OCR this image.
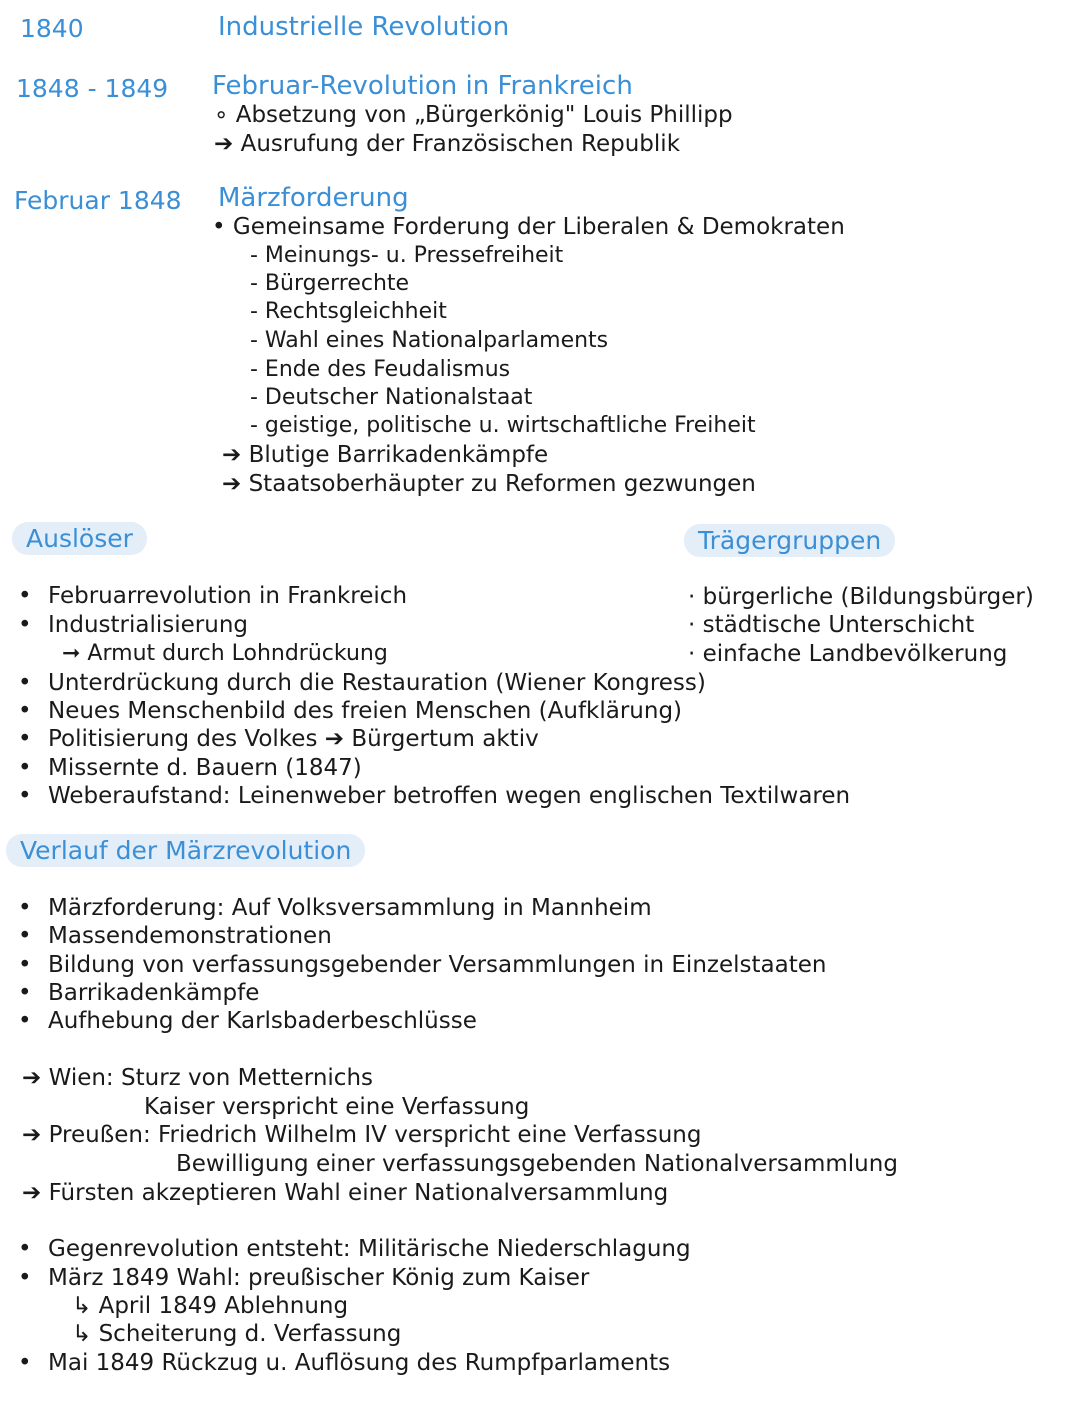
1840	Industrielle Revolution
1848 - 1849 Februar-Revolution in Frankreich
∘ Absetzung von „Bürgerkönig" Louis Phillipp
➔ Ausrufung der Französischen Republik
Februar 1848 Märzforderung
• Gemeinsame Forderung der Liberalen & Demokraten
- Meinungs- u. Pressefreiheit
- Bürgerrechte
- Rechtsgleichheit
- Wahl eines Nationalparlaments
- Ende des Feudalismus
- Deutscher Nationalstaat
- geistige, politische u. wirtschaftliche Freiheit
➔ Blutige Barrikadenkämpfe
➔ Staatsoberhäupter zu Reformen gezwungen
Auslöser
• Februarrevolution in Frankreich
• Industrialisierung
➞ Armut durch Lohndrückung
• Unterdrückung durch die Restauration (Wiener Kongress)
• Neues Menschenbild des freien Menschen (Aufklärung)
• Politisierung des Volkes ➔ Bürgertum aktiv
• Missernte d. Bauern (1847)
• Weberaufstand: Leinenweber betroffen wegen englischen Textilwaren
Trägergruppen
· bürgerliche (Bildungsbürger)
· städtische Unterschicht
· einfache Landbevölkerung
Verlauf der Märzrevolution
• Märzforderung: Auf Volksversammlung in Mannheim
• Massendemonstrationen
• Bildung von verfassungsgebender Versammlungen in Einzelstaaten
• Barrikadenkämpfe
• Aufhebung der Karlsbaderbeschlüsse
➔ Wien: Sturz von Metternichs
Kaiser verspricht eine Verfassung
➔ Preußen: Friedrich Wilhelm IV verspricht eine Verfassung
Bewilligung einer verfassungsgebenden Nationalversammlung
➔ Fürsten akzeptieren Wahl einer Nationalversammlung
• Gegenrevolution entsteht: Militärische Niederschlagung
• März 1849 Wahl: preußischer König zum Kaiser
↳ April 1849 Ablehnung
↳ Scheiterung d. Verfassung
• Mai 1849 Rückzug u. Auflösung des Rumpfparlaments
